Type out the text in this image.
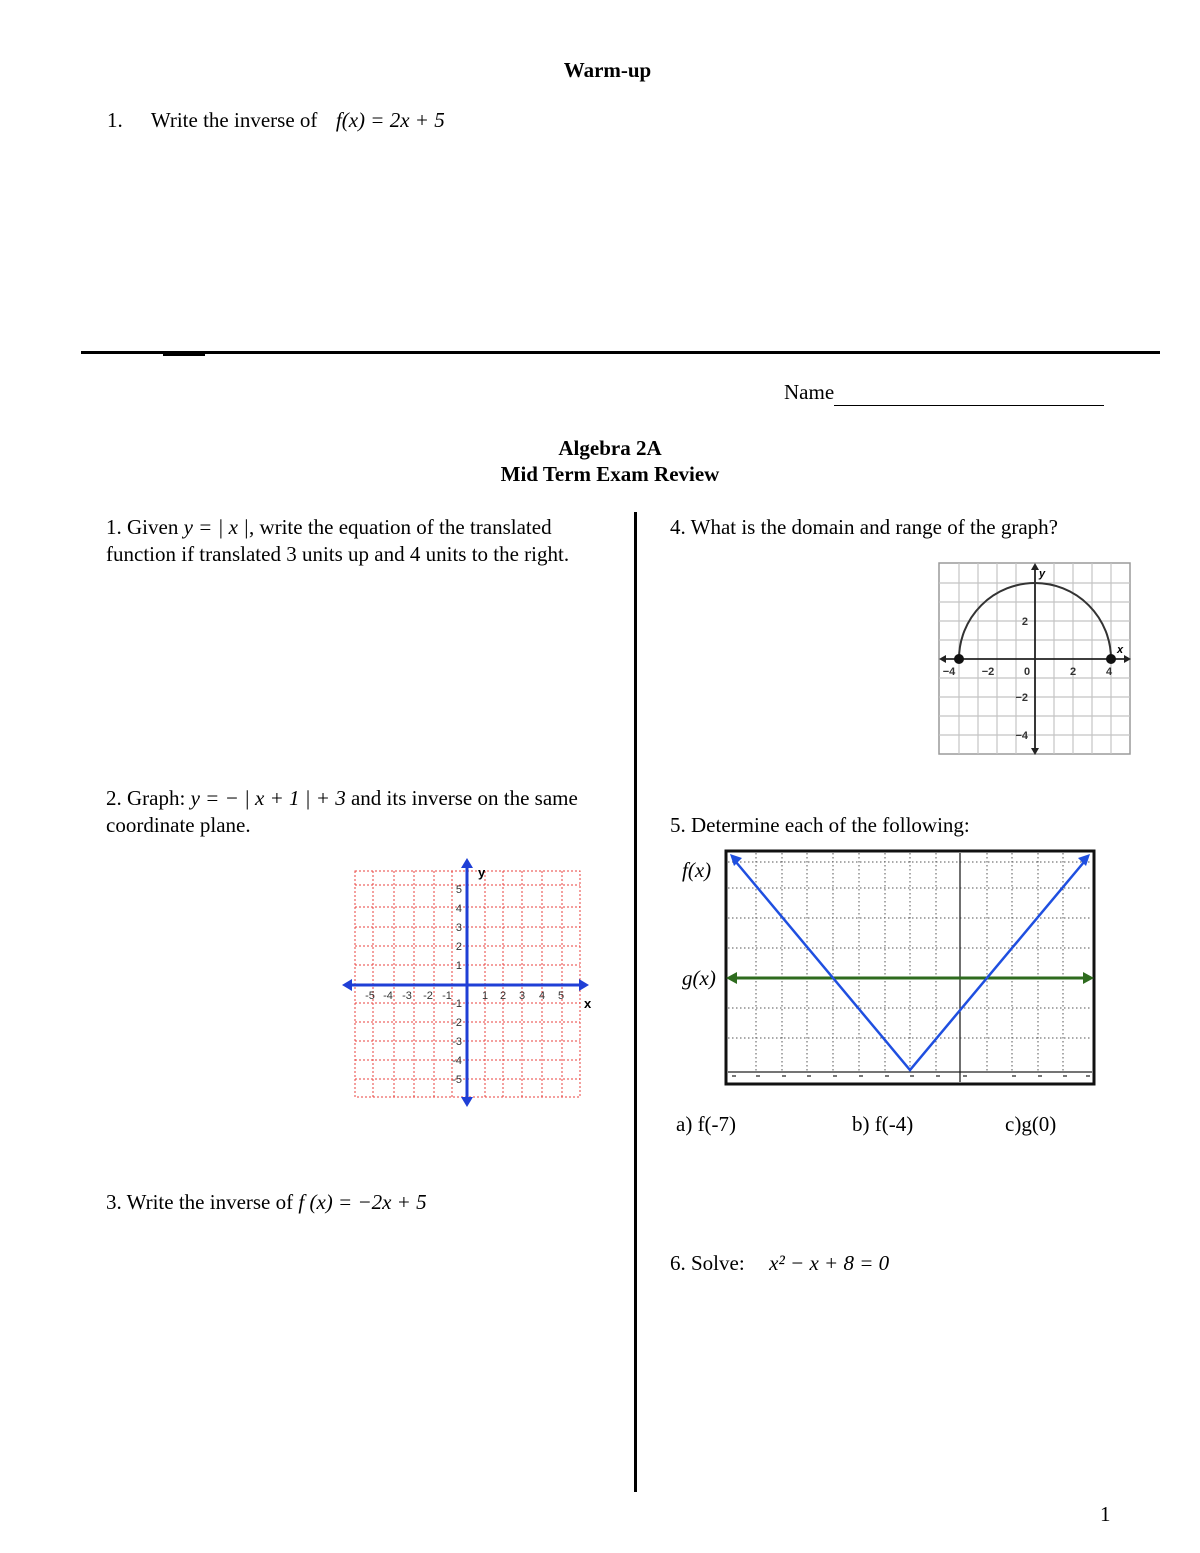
Warm-up
1. Write the inverse of f(x) = 2x + 5
Name
Algebra 2A
Mid Term Exam Review
1. Given y = | x |, write the equation of the translated function if translated 3 units up and 4 units to the right.
2. Graph: y = − | x + 1 | + 3 and its inverse on the same coordinate plane.
y
x
-5 -4 -3 -2 -1	1 2 3 4 5
5
4
3
2
1
-1
-2
-3
-4
-5
3. Write the inverse of f (x) = −2x + 5
4. What is the domain and range of the graph?
y
x
−4 −2	0	2	4
2
−2
−4
5. Determine each of the following:
f(x)
g(x)
a) f(-7)	b) f(-4)	c)g(0)
6. Solve: x² − x + 8 = 0
1
